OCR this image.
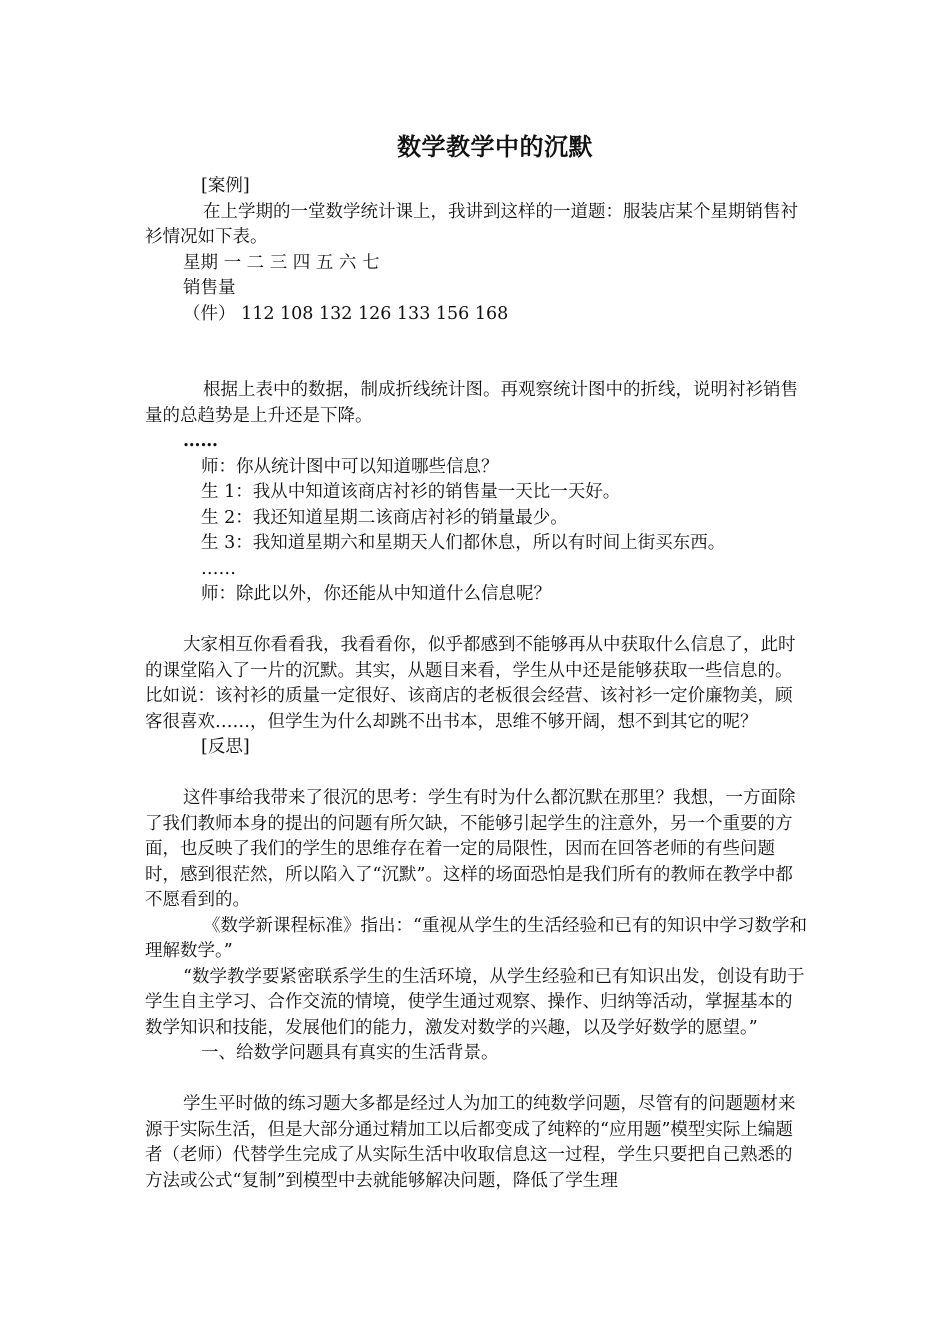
数学教学中的沉默

[案例]

在上学期的一堂数学统计课上，我讲到这样的一道题：服装店某个星期销售衬衫情况如下表。

星期 一 二 三 四 五 六 七

销售量

（件） 112 108 132 126 133 156 168

根据上表中的数据，制成折线统计图。再观察统计图中的折线，说明衬衫销售量的总趋势是上升还是下降。

……

师：你从统计图中可以知道哪些信息？

生 1：我从中知道该商店衬衫的销售量一天比一天好。

生 2：我还知道星期二该商店衬衫的销量最少。

生 3：我知道星期六和星期天人们都休息，所以有时间上街买东西。

……

师：除此以外，你还能从中知道什么信息呢？

大家相互你看看我，我看看你，似乎都感到不能够再从中获取什么信息了，此时的课堂陷入了一片的沉默。其实，从题目来看，学生从中还是能够获取一些信息的。比如说：该衬衫的质量一定很好、该商店的老板很会经营、该衬衫一定价廉物美，顾客很喜欢……，但学生为什么却跳不出书本，思维不够开阔，想不到其它的呢？

[反思]

这件事给我带来了很沉的思考：学生有时为什么都沉默在那里？我想，一方面除了我们教师本身的提出的问题有所欠缺，不能够引起学生的注意外，另一个重要的方面，也反映了我们的学生的思维存在着一定的局限性，因而在回答老师的有些问题时，感到很茫然，所以陷入了“沉默”。这样的场面恐怕是我们所有的教师在教学中都不愿看到的。

《数学新课程标准》指出：“重视从学生的生活经验和已有的知识中学习数学和理解数学。”

“数学教学要紧密联系学生的生活环境，从学生经验和已有知识出发，创设有助于学生自主学习、合作交流的情境，使学生通过观察、操作、归纳等活动，掌握基本的数学知识和技能，发展他们的能力，激发对数学的兴趣，以及学好数学的愿望。”

一、给数学问题具有真实的生活背景。

学生平时做的练习题大多都是经过人为加工的纯数学问题，尽管有的问题题材来源于实际生活，但是大部分通过精加工以后都变成了纯粹的“应用题”模型实际上编题者（老师）代替学生完成了从实际生活中收取信息这一过程，学生只要把自己熟悉的方法或公式“复制”到模型中去就能够解决问题，降低了学生理
